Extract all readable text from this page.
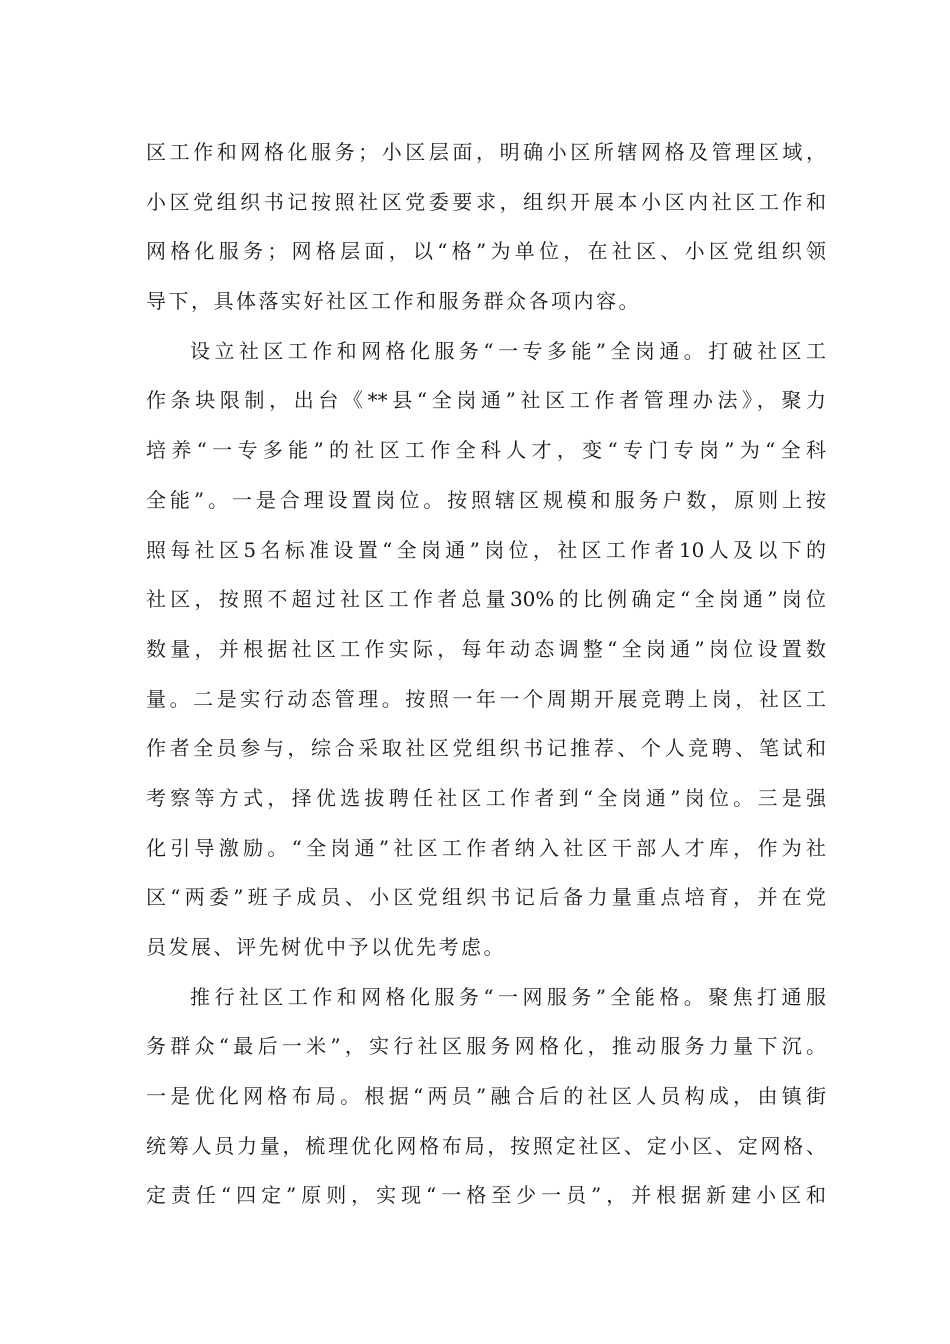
区工作和网格化服务；小区层面，明确小区所辖网格及管理区域，
小区党组织书记按照社区党委要求，组织开展本小区内社区工作和
网格化服务；网格层面，以“格”为单位，在社区、小区党组织领
导下，具体落实好社区工作和服务群众各项内容。
设立社区工作和网格化服务“一专多能”全岗通。打破社区工
作条块限制，出台《**县“全岗通”社区工作者管理办法》，聚力
培养“一专多能”的社区工作全科人才，变“专门专岗”为“全科
全能”。一是合理设置岗位。按照辖区规模和服务户数，原则上按
照每社区5名标准设置“全岗通”岗位，社区工作者10人及以下的
社区，按照不超过社区工作者总量30%的比例确定“全岗通”岗位
数量，并根据社区工作实际，每年动态调整“全岗通”岗位设置数
量。二是实行动态管理。按照一年一个周期开展竞聘上岗，社区工
作者全员参与，综合采取社区党组织书记推荐、个人竞聘、笔试和
考察等方式，择优选拔聘任社区工作者到“全岗通”岗位。三是强
化引导激励。“全岗通”社区工作者纳入社区干部人才库，作为社
区“两委”班子成员、小区党组织书记后备力量重点培育，并在党
员发展、评先树优中予以优先考虑。
推行社区工作和网格化服务“一网服务”全能格。聚焦打通服
务群众“最后一米”，实行社区服务网格化，推动服务力量下沉。
一是优化网格布局。根据“两员”融合后的社区人员构成，由镇街
统筹人员力量，梳理优化网格布局，按照定社区、定小区、定网格、
定责任“四定”原则，实现“一格至少一员”，并根据新建小区和
